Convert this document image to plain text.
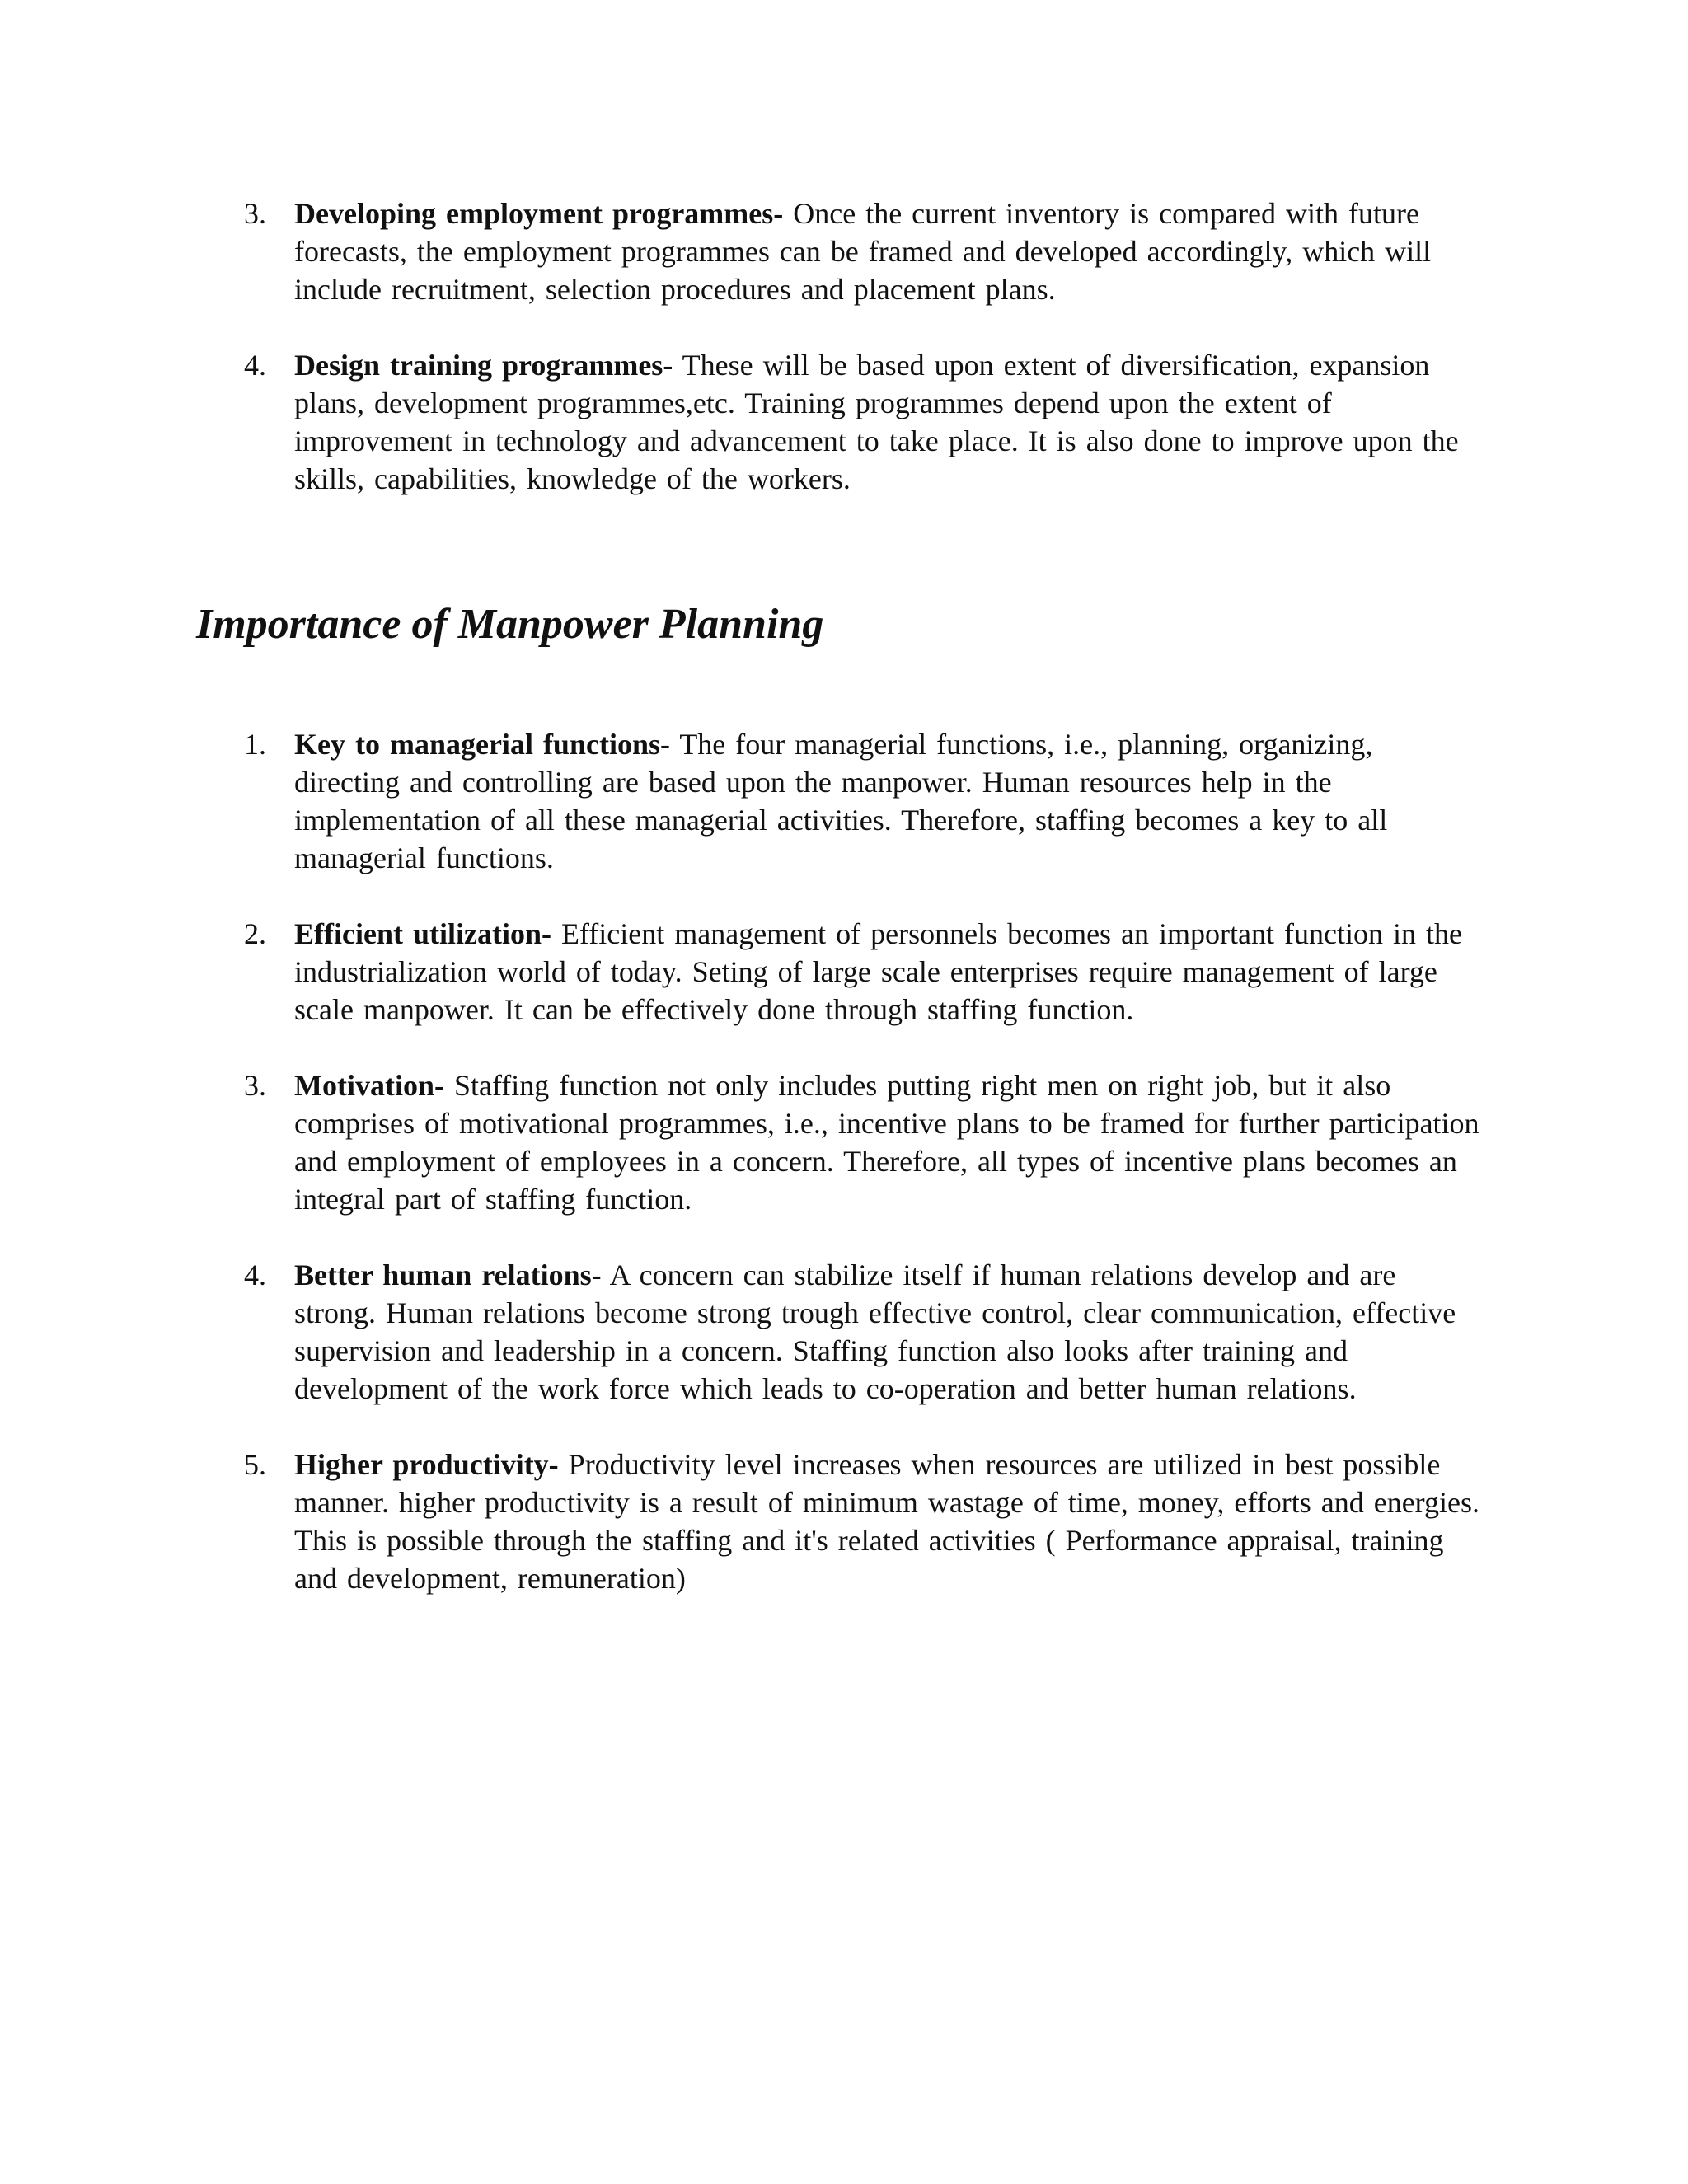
3. Developing employment programmes- Once the current inventory is compared with future forecasts, the employment programmes can be framed and developed accordingly, which will include recruitment, selection procedures and placement plans.
4. Design training programmes- These will be based upon extent of diversification, expansion plans, development programmes,etc. Training programmes depend upon the extent of improvement in technology and advancement to take place. It is also done to improve upon the skills, capabilities, knowledge of the workers.
Importance of Manpower Planning
1. Key to managerial functions- The four managerial functions, i.e., planning, organizing, directing and controlling are based upon the manpower. Human resources help in the implementation of all these managerial activities. Therefore, staffing becomes a key to all managerial functions.
2. Efficient utilization- Efficient management of personnels becomes an important function in the industrialization world of today. Seting of large scale enterprises require management of large scale manpower. It can be effectively done through staffing function.
3. Motivation- Staffing function not only includes putting right men on right job, but it also comprises of motivational programmes, i.e., incentive plans to be framed for further participation and employment of employees in a concern. Therefore, all types of incentive plans becomes an integral part of staffing function.
4. Better human relations- A concern can stabilize itself if human relations develop and are strong. Human relations become strong trough effective control, clear communication, effective supervision and leadership in a concern. Staffing function also looks after training and development of the work force which leads to co-operation and better human relations.
5. Higher productivity- Productivity level increases when resources are utilized in best possible manner. higher productivity is a result of minimum wastage of time, money, efforts and energies. This is possible through the staffing and it's related activities ( Performance appraisal, training and development, remuneration)
